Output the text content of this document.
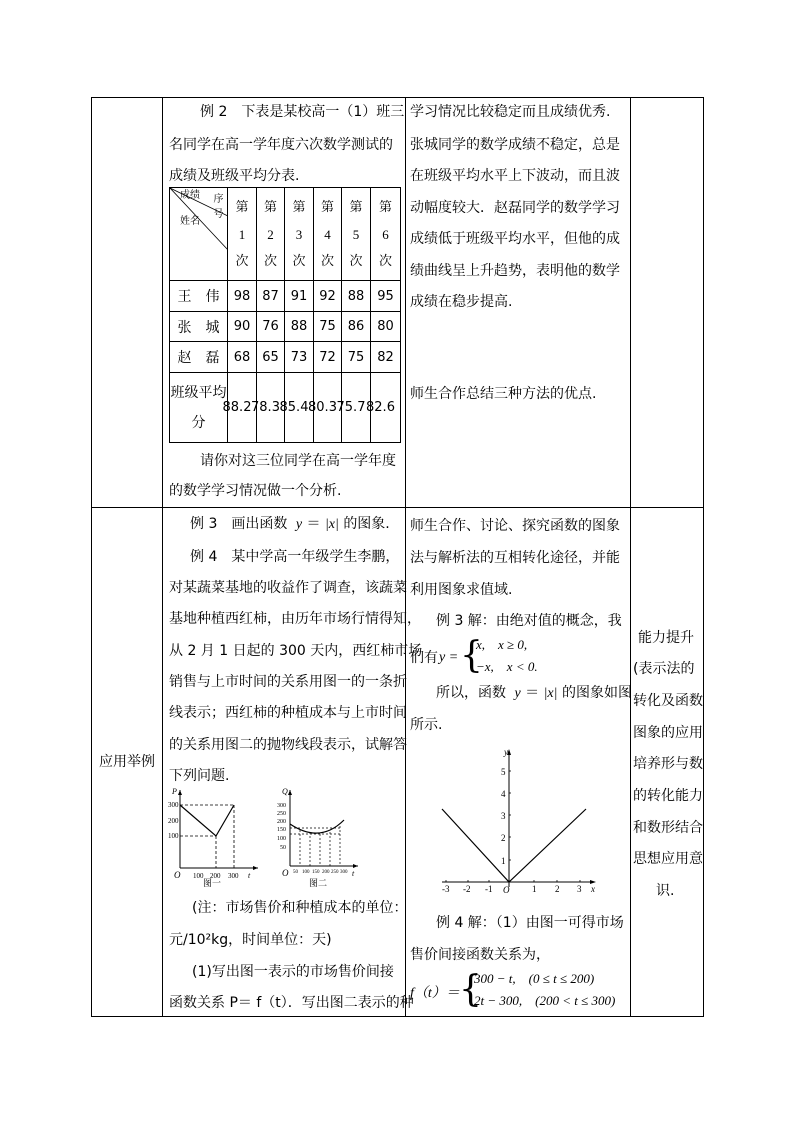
例 2　下表是某校高一（1）班三
名同学在高一学年度六次数学测试的
成绩及班级平均分表.
成绩 序号
姓名	第
1
次	第
2
次	第
3
次	第
4
次	第
5
次	第
6
次

王　伟	98	87	91	92	88	95
张　城	90	76	88	75	86	80
赵　磊	68	65	73	72	75	82

班级平均
分	88.2	78.3	85.4	80.3	75.7	82.6
请你对这三位同学在高一学年度
的数学学习情况做一个分析.
学习情况比较稳定而且成绩优秀.
张城同学的数学成绩不稳定，总是
在班级平均水平上下波动，而且波
动幅度较大．赵磊同学的数学学习
成绩低于班级平均水平，但他的成
绩曲线呈上升趋势，表明他的数学
成绩在稳步提高.
师生合作总结三种方法的优点.
应用举例
例 3　画出函数 y ＝ |x| 的图象.
例 4　某中学高一年级学生李鹏，
对某蔬菜基地的收益作了调查，该蔬菜
基地种植西红柿，由历年市场行情得知，
从 2 月 1 日起的 300 天内，西红柿市场
销售与上市时间的关系用图一的一条折
线表示；西红柿的种植成本与上市时间
的关系用图二的抛物线段表示，试解答
下列问题.
P
300
200
100
O 100 200 300 t
图一
Q
300
250
200
150
100
50
O 50 100 150 200 250 300 t
图二
(注：市场售价和种植成本的单位：
元/10²kg，时间单位：天)
(1)写出图一表示的市场售价间接
函数关系 P＝ f（t）．写出图二表示的种
师生合作、讨论、探究函数的图象
法与解析法的互相转化途径，并能
利用图象求值域.
例 3 解：由绝对值的概念，我
们有 y = {
x,　x ≥ 0,
−x,　x < 0.
所以，函数 y ＝ |x| 的图象如图
所示.
y
5
4
3
2
1
-3 -2 -1 O	1 2 3 x
例 4 解：（1）由图一可得市场
售价间接函数关系为，
f（t）＝ {
300 − t,　(0 ≤ t ≤ 200)
2t − 300,　(200 < t ≤ 300)
能力提升
(表示法的
转化及函数
图象的应用
培养形与数
的转化能力
和数形结合
思想应用意
识.
